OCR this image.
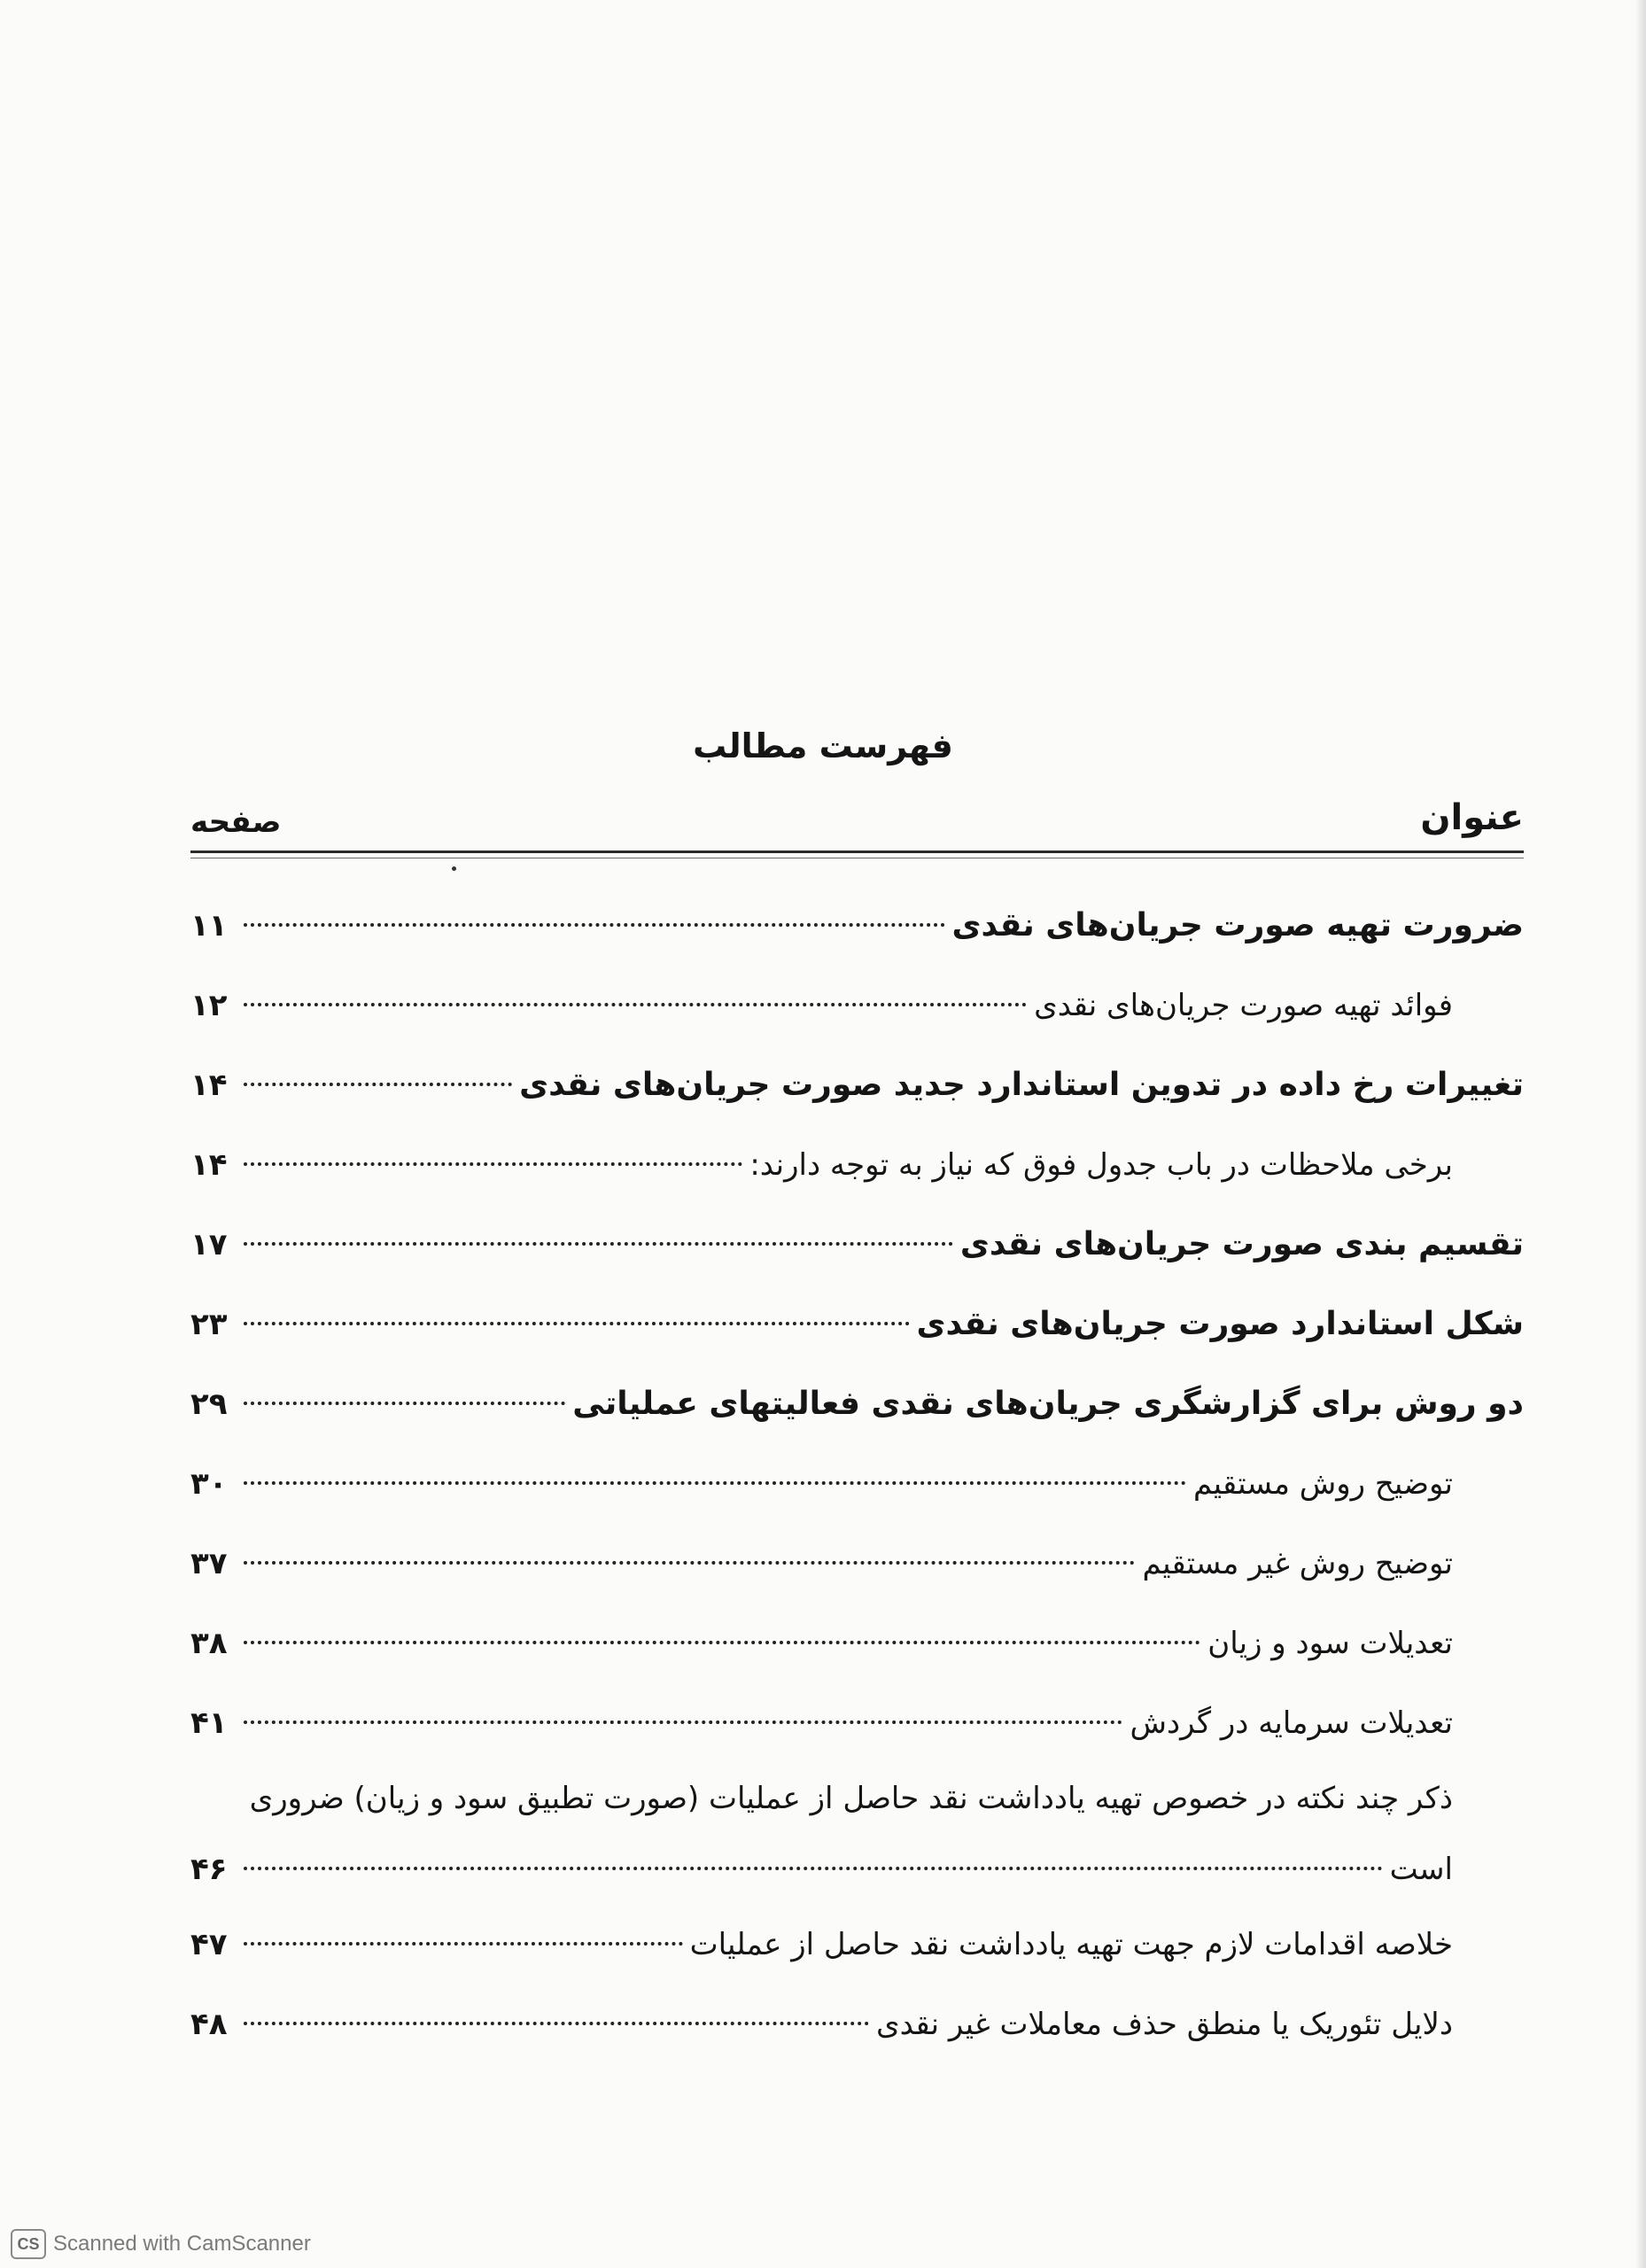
فهرست مطالب
عنوان
صفحه
ضرورت تهیه صورت جریان‌های نقدی
۱۱
فوائد تهیه صورت جریان‌های نقدی
۱۲
تغییرات رخ داده در تدوین استاندارد جدید صورت جریان‌های نقدی
۱۴
برخی ملاحظات در باب جدول فوق که نیاز به توجه دارند:
۱۴
تقسیم بندی صورت جریان‌های نقدی
۱۷
شکل استاندارد صورت جریان‌های نقدی
۲۳
دو روش برای گزارشگری جریان‌های نقدی فعالیتهای عملیاتی
۲۹
توضیح روش مستقیم
۳۰
توضیح روش غیر مستقیم
۳۷
تعدیلات سود و زیان
۳۸
تعدیلات سرمایه در گردش
۴۱
ذکر چند نکته در خصوص تهیه یادداشت نقد حاصل از عملیات (صورت تطبیق سود و زیان) ضروری
است
۴۶
خلاصه اقدامات لازم جهت تهیه یادداشت نقد حاصل از عملیات
۴۷
دلایل تئوریک یا منطق حذف معاملات غیر نقدی
۴۸
CS Scanned with CamScanner
